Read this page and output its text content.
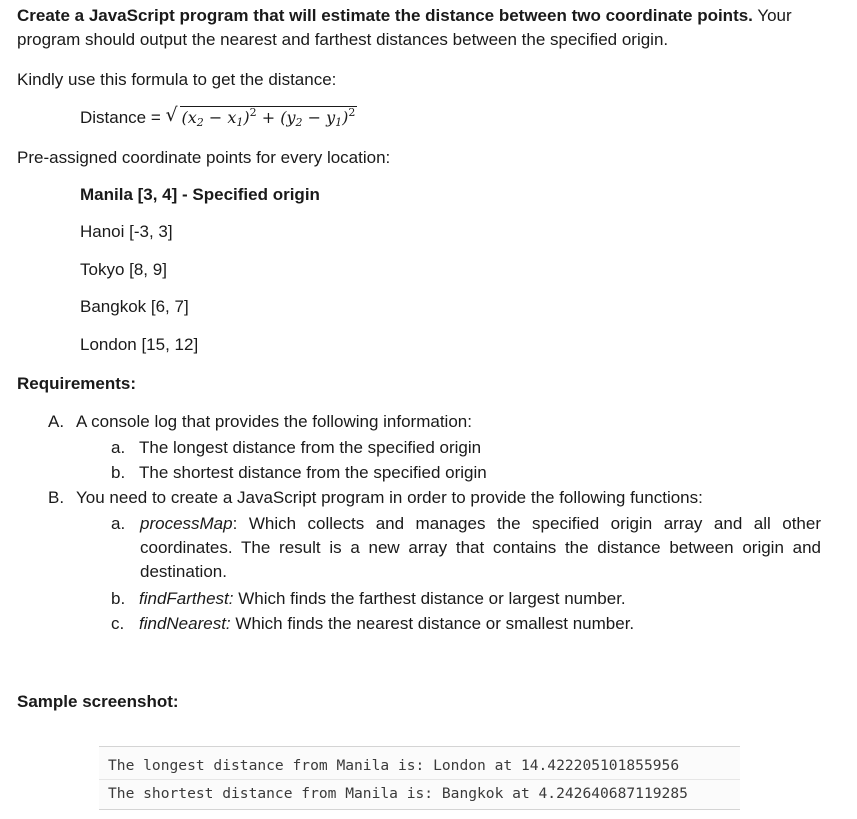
Create a JavaScript program that will estimate the distance between two coordinate points. Your program should output the nearest and farthest distances between the specified origin.
Kindly use this formula to get the distance:
Distance = √ $(x_2 - x_1)^2 + (y_2 - y_1)^2$
Pre-assigned coordinate points for every location:
Manila [3, 4] - Specified origin
Hanoi [-3, 3]
Tokyo [8, 9]
Bangkok [6, 7]
London [15, 12]
Requirements:
A. A console log that provides the following information:
a. The longest distance from the specified origin
b. The shortest distance from the specified origin
B. You need to create a JavaScript program in order to provide the following functions:
a. processMap: Which collects and manages the specified origin array and all other coordinates. The result is a new array that contains the distance between origin and destination.
b. findFarthest: Which finds the farthest distance or largest number.
c. findNearest: Which finds the nearest distance or smallest number.
Sample screenshot:
The longest distance from Manila is: London at 14.422205101855956
The shortest distance from Manila is: Bangkok at 4.242640687119285
